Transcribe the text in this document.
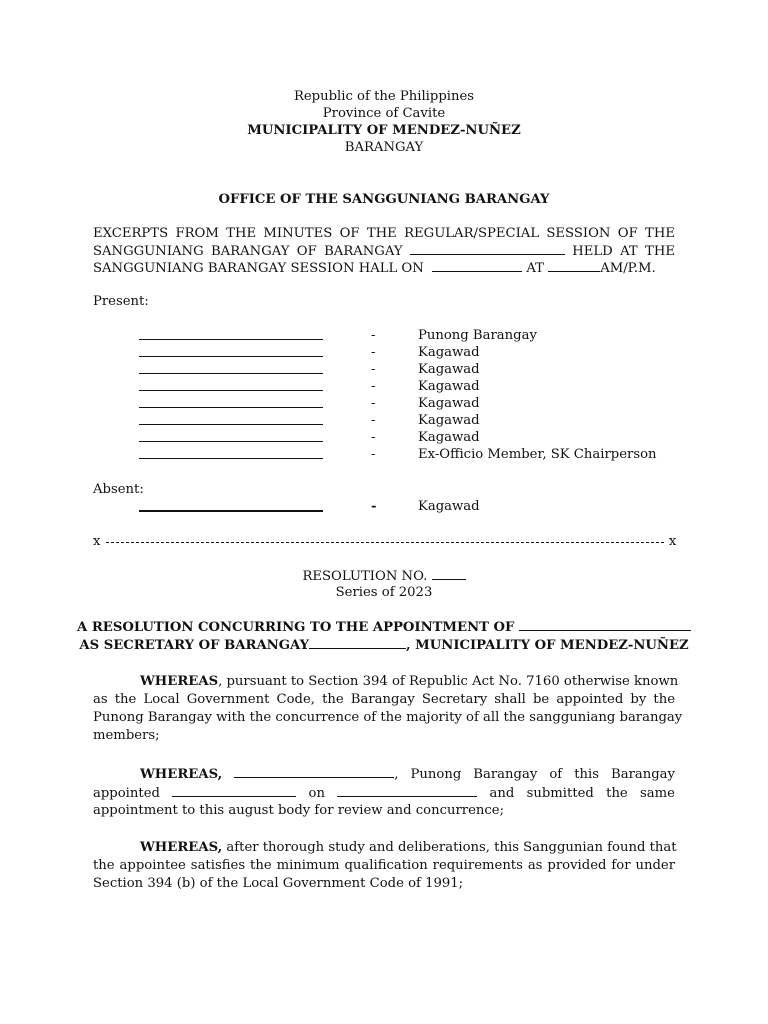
Republic of the Philippines
Province of Cavite
MUNICIPALITY OF MENDEZ-NUÑEZ
BARANGAY
OFFICE OF THE SANGGUNIANG BARANGAY
EXCERPTS FROM THE MINUTES OF THE REGULAR/SPECIAL SESSION OF THE
SANGGUNIANG BARANGAY OF BARANGAY	HELD AT THE
SANGGUNIANG BARANGAY SESSION HALL ON	AT	AM/P.M.
Present:
-	Punong Barangay
-	Kagawad
-	Kagawad
-	Kagawad
-	Kagawad
-	Kagawad
-	Kagawad
-	Ex-Officio Member, SK Chairperson
Absent:
-	Kagawad
x	x
RESOLUTION NO.
Series of 2023
A RESOLUTION CONCURRING TO THE APPOINTMENT OF
AS SECRETARY OF BARANGAY	, MUNICIPALITY OF MENDEZ-NUÑEZ
WHEREAS, pursuant to Section 394 of Republic Act No. 7160 otherwise known
as the Local Government Code, the Barangay Secretary shall be appointed by the
Punong Barangay with the concurrence of the majority of all the sangguniang barangay
members;
WHEREAS,	, Punong Barangay of this Barangay
appointed	on	and submitted the same
appointment to this august body for review and concurrence;
WHEREAS, after thorough study and deliberations, this Sanggunian found that
the appointee satisfies the minimum qualification requirements as provided for under
Section 394 (b) of the Local Government Code of 1991;
